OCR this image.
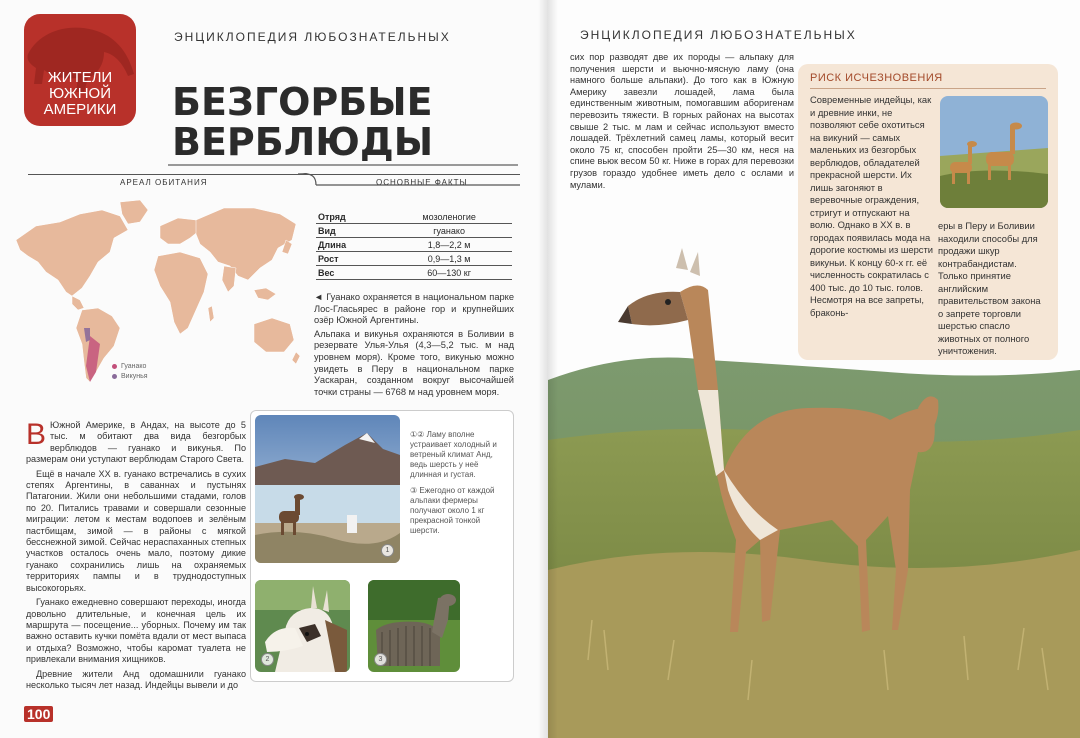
ЖИТЕЛИ ЮЖНОЙ АМЕРИКИ
ЭНЦИКЛОПЕДИЯ ЛЮБОЗНАТЕЛЬНЫХ
БЕЗГОРБЫЕ
ВЕРБЛЮДЫ
АРЕАЛ ОБИТАНИЯ	ОСНОВНЫЕ ФАКТЫ
Гуанако
Викунья
Отряд	мозоленогие
Вид	гуанако
Длина	1,8—2,2 м
Рост	0,9—1,3 м
Вес	60—130 кг
◄ Гуанако охраняется в национальном парке Лос-Гласьярес в районе гор и крупнейших озёр Южной Аргентины.
Альпака и викунья охраняются в Боливии в резервате Улья-Улья (4,3—5,2 тыс. м над уровнем моря). Кроме того, викунью можно увидеть в Перу в национальном парке Уаскаран, созданном вокруг высочайшей точки страны — 6768 м над уровнем моря.

В Южной Америке, в Андах, на высоте до 5 тыс. м обитают два вида безгорбых верблюдов — гуанако и викунья. По размерам они уступают верблюдам Старого Света.

Ещё в начале XX в. гуанако встречались в сухих степях Аргентины, в саваннах и пустынях Патагонии. Жили они небольшими стадами, голов по 20. Питались травами и совершали сезонные миграции: летом к местам водопоев и зелёным пастбищам, зимой — в районы с мягкой бесснежной зимой. Сейчас нераспаханных степных участков осталось очень мало, поэтому дикие гуанако сохранились лишь на охраняемых территориях пампы и в труднодоступных высокогорьях.

Гуанако ежедневно совершают переходы, иногда довольно длительные, и конечная цель их маршрута — посещение... уборных. Почему им так важно оставить кучки помёта вдали от мест выпаса и отдыха? Возможно, чтобы каромат туалета не привлекали внимания хищников.

Древние жители Анд одомашнили гуанако несколько тысяч лет назад. Индейцы вывели и до

1
2	3

①② Ламу вполне устраивает холодный и ветреный климат Анд, ведь шерсть у неё длинная и густая.

③ Ежегодно от каждой альпаки фермеры получают около 1 кг прекрасной тонкой шерсти.

100
ЭНЦИКЛОПЕДИЯ ЛЮБОЗНАТЕЛЬНЫХ
сих пор разводят две их породы — альпаку для получения шерсти и вьючно-мясную ламу (она намного больше альпаки). До того как в Южную Америку завезли лошадей, лама была единственным животным, помогавшим аборигенам перевозить тяжести. В горных районах на высотах свыше 2 тыс. м лам и сейчас используют вместо лошадей. Трёхлетний самец ламы, который весит около 75 кг, способен пройти 25—30 км, неся на спине вьюк весом 50 кг. Ниже в горах для перевозки грузов гораздо удобнее иметь дело с ослами и мулами.
РИСК ИСЧЕЗНОВЕНИЯ
Современные индейцы, как и древние инки, не позволяют себе охотиться на викуний — самых маленьких из безгорбых верблюдов, обладателей прекрасной шерсти. Их лишь загоняют в веревочные ограждения, стригут и отпускают на волю. Однако в XX в. в городах появилась мода на дорогие костюмы из шерсти викуньи. К концу 60-х гг. её численность сократилась с 400 тыс. до 10 тыс. голов. Несмотря на все запреты, браконь-
еры в Перу и Боливии находили способы для продажи шкур контрабандистам. Только принятие английским правительством закона о запрете торговли шерстью спасло животных от полного уничтожения.
